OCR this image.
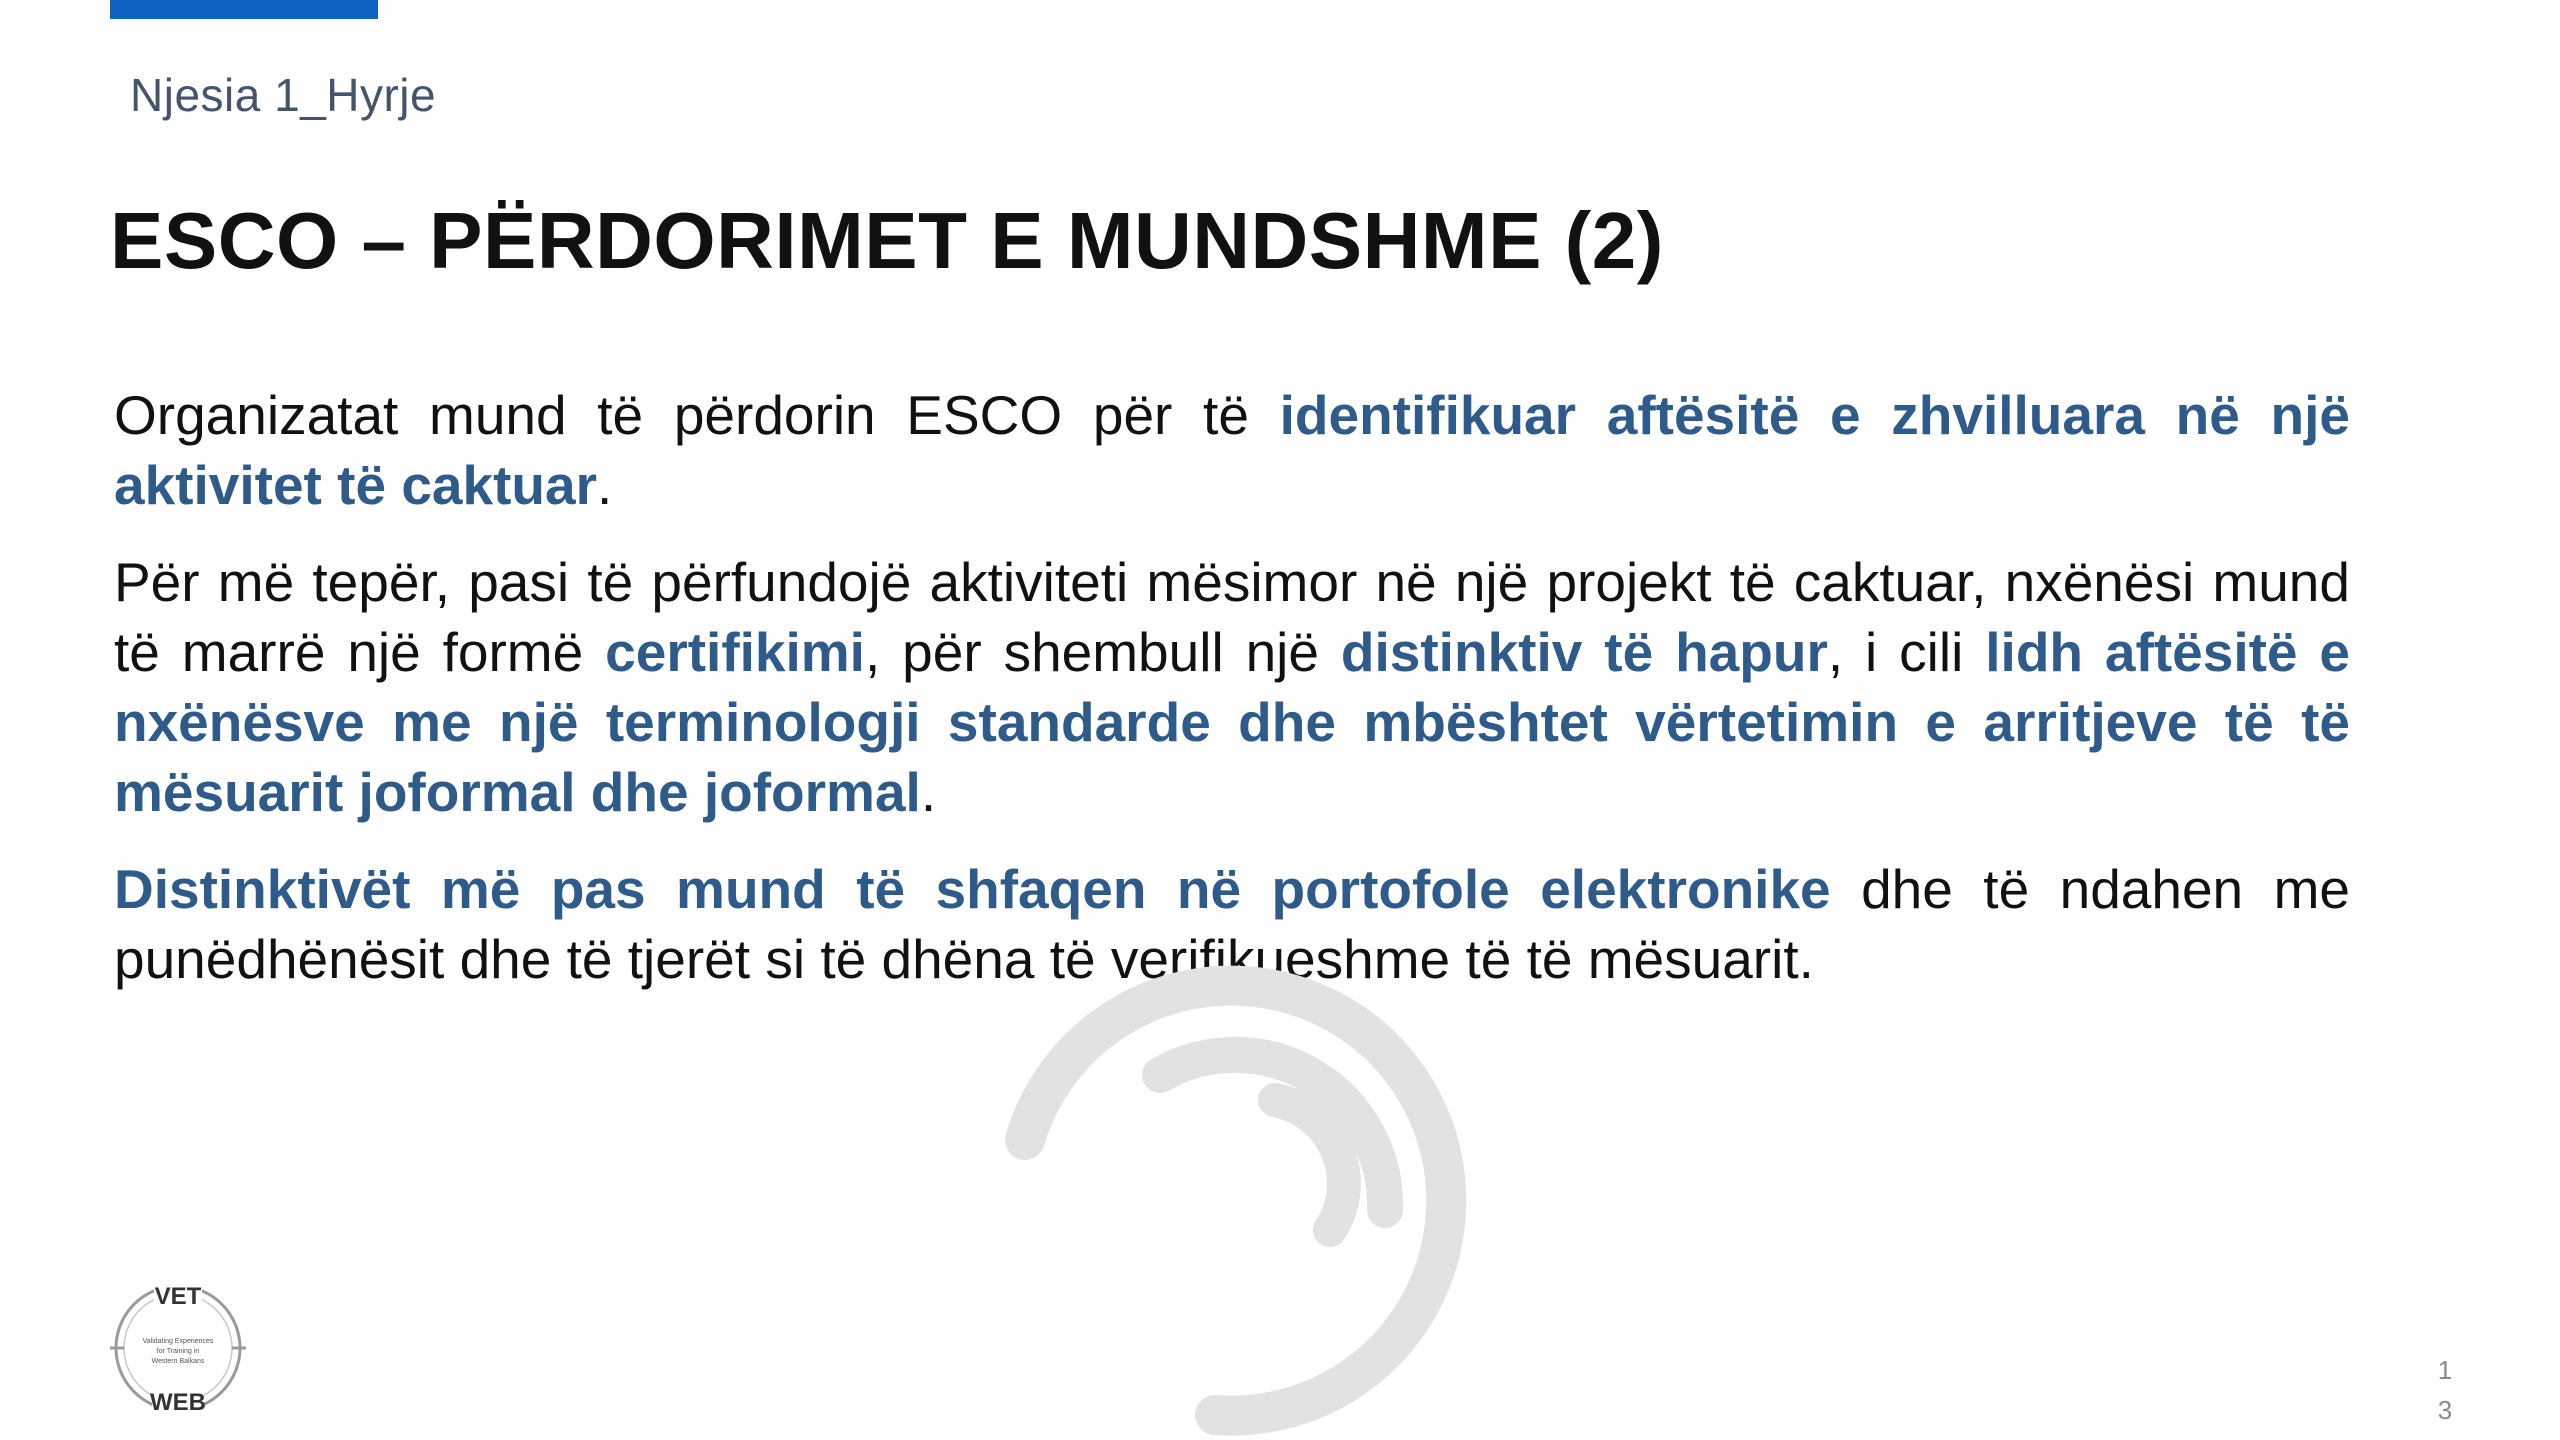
Njesia 1_Hyrje
ESCO – PËRDORIMET E MUNDSHME (2)

Organizatat mund të përdorin ESCO për të identifikuar aftësitë e zhvilluara në një aktivitet të caktuar.

Për më tepër, pasi të përfundojë aktiviteti mësimor në një projekt të caktuar, nxënësi mund të marrë një formë certifikimi, për shembull një distinktiv të hapur, i cili lidh aftësitë e nxënësve me një terminologji standarde dhe mbështet vërtetimin e arritjeve të të mësuarit joformal dhe joformal.

Distinktivët më pas mund të shfaqen në portofole elektronike dhe të ndahen me punëdhënësit dhe të tjerët si të dhëna të verifikueshme të të mësuarit.

VET
Validating Experiences
for Training in
Western Balkans
WEB
1
3
